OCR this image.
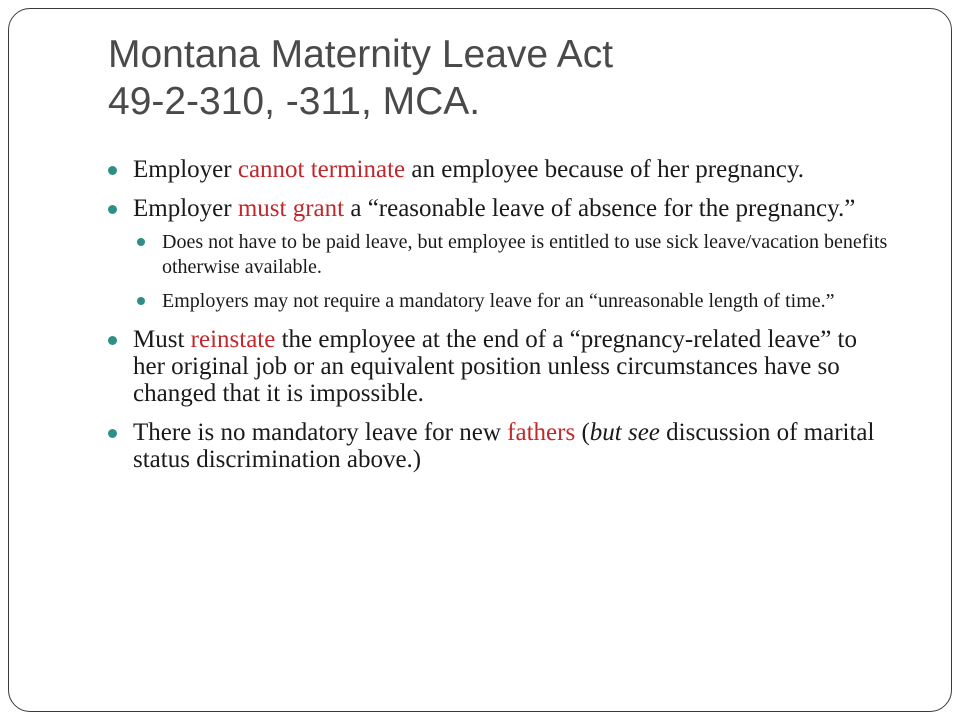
Montana Maternity Leave Act
49-2-310, -311, MCA.
Employer cannot terminate an employee because of her pregnancy.
Employer must grant a “reasonable leave of absence for the pregnancy.”
Does not have to be paid leave, but employee is entitled to use sick leave/vacation benefits otherwise available.
Employers may not require a mandatory leave for an “unreasonable length of time.”
Must reinstate the employee at the end of a “pregnancy-related leave” to her original job or an equivalent position unless circumstances have so changed that it is impossible.
There is no mandatory leave for new fathers (but see discussion of marital status discrimination above.)
